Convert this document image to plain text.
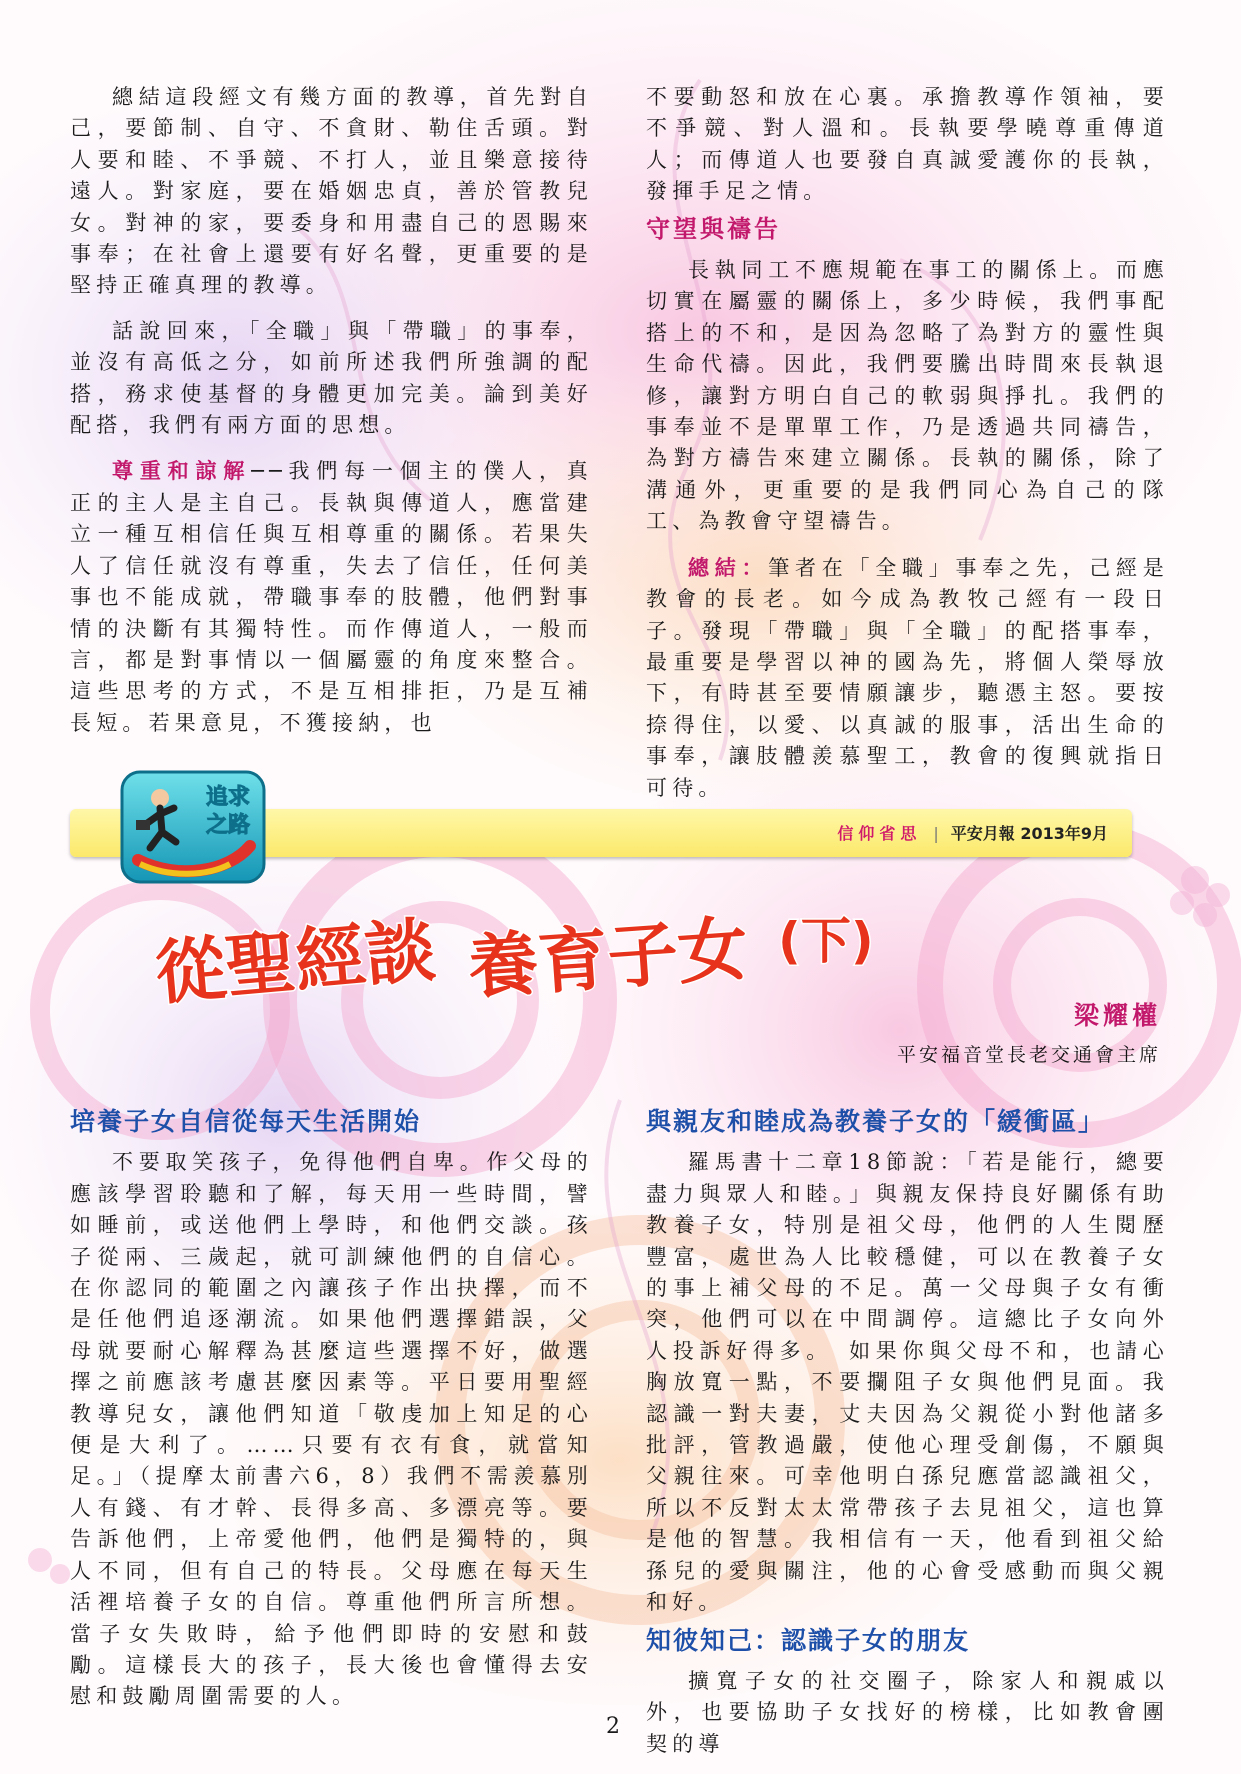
總結這段經文有幾方面的教導，首先對自己，要節制、自守、不貪財、勒住舌頭。對人要和睦、不爭競、不打人，並且樂意接待遠人。對家庭，要在婚姻忠貞，善於管教兒女。對神的家，要委身和用盡自己的恩賜來事奉；在社會上還要有好名聲，更重要的是堅持正確真理的教導。

話說回來，「全職」與「帶職」的事奉，並沒有高低之分，如前所述我們所強調的配搭，務求使基督的身體更加完美。論到美好配搭，我們有兩方面的思想。

尊重和諒解──我們每一個主的僕人，真正的主人是主自己。長執與傳道人，應當建立一種互相信任與互相尊重的關係。若果失人了信任就沒有尊重，失去了信任，任何美事也不能成就，帶職事奉的肢體，他們對事情的決斷有其獨特性。而作傳道人，一般而言，都是對事情以一個屬靈的角度來整合。這些思考的方式，不是互相排拒，乃是互補長短。若果意見，不獲接納，也

不要動怒和放在心裏。承擔教導作領袖，要不爭競、對人溫和。長執要學曉尊重傳道人；而傳道人也要發自真誠愛護你的長執，發揮手足之情。

守望與禱告

長執同工不應規範在事工的關係上。而應切實在屬靈的關係上，多少時候，我們事配搭上的不和，是因為忽略了為對方的靈性與生命代禱。因此，我們要騰出時間來長執退修，讓對方明白自己的軟弱與掙扎。我們的事奉並不是單單工作，乃是透過共同禱告，為對方禱告來建立關係。長執的關係，除了溝通外，更重要的是我們同心為自己的隊工、為教會守望禱告。

總結：筆者在「全職」事奉之先，己經是教會的長老。如今成為教牧己經有一段日子。發現「帶職」與「全職」的配搭事奉，最重要是學習以神的國為先，將個人榮辱放下，有時甚至要情願讓步，聽憑主怒。要按捺得住，以愛、以真誠的服事，活出生命的事奉，讓肢體羨慕聖工，教會的復興就指日可待。

信仰省思 | 平安月報 2013年9月
追求
之路
從聖經談 養育子女 (下)
梁耀權
平安福音堂長老交通會主席
培養子女自信從每天生活開始

不要取笑孩子，免得他們自卑。作父母的應該學習聆聽和了解，每天用一些時間，譬如睡前，或送他們上學時，和他們交談。孩子從兩、三歲起，就可訓練他們的自信心。在你認同的範圍之內讓孩子作出抉擇，而不是任他們追逐潮流。如果他們選擇錯誤，父母就要耐心解釋為甚麼這些選擇不好，做選擇之前應該考慮甚麼因素等。平日要用聖經教導兒女，讓他們知道「敬虔加上知足的心便是大利了。……只要有衣有食，就當知足。」（提摩太前書六6，8）我們不需羨慕別人有錢、有才幹、長得多高、多漂亮等。要告訴他們，上帝愛他們，他們是獨特的，與人不同，但有自己的特長。父母應在每天生活裡培養子女的自信。尊重他們所言所想。當子女失敗時，給予他們即時的安慰和鼓勵。這樣長大的孩子，長大後也會懂得去安慰和鼓勵周圍需要的人。

與親友和睦成為教養子女的「緩衝區」

羅馬書十二章18節說：「若是能行，總要盡力與眾人和睦。」與親友保持良好關係有助教養子女，特別是祖父母，他們的人生閱歷豐富，處世為人比較穩健，可以在教養子女的事上補父母的不足。萬一父母與子女有衝突，他們可以在中間調停。這總比子女向外人投訴好得多。　如果你與父母不和，也請心胸放寬一點，不要攔阻子女與他們見面。我認識一對夫妻，丈夫因為父親從小對他諸多批評，管教過嚴，使他心理受創傷，不願與父親往來。可幸他明白孫兒應當認識祖父，所以不反對太太常帶孩子去見祖父，這也算是他的智慧。我相信有一天，他看到祖父給孫兒的愛與關注，他的心會受感動而與父親和好。

知彼知己：認識子女的朋友

擴寬子女的社交圈子，除家人和親戚以外，也要協助子女找好的榜樣，比如教會團契的導

2
